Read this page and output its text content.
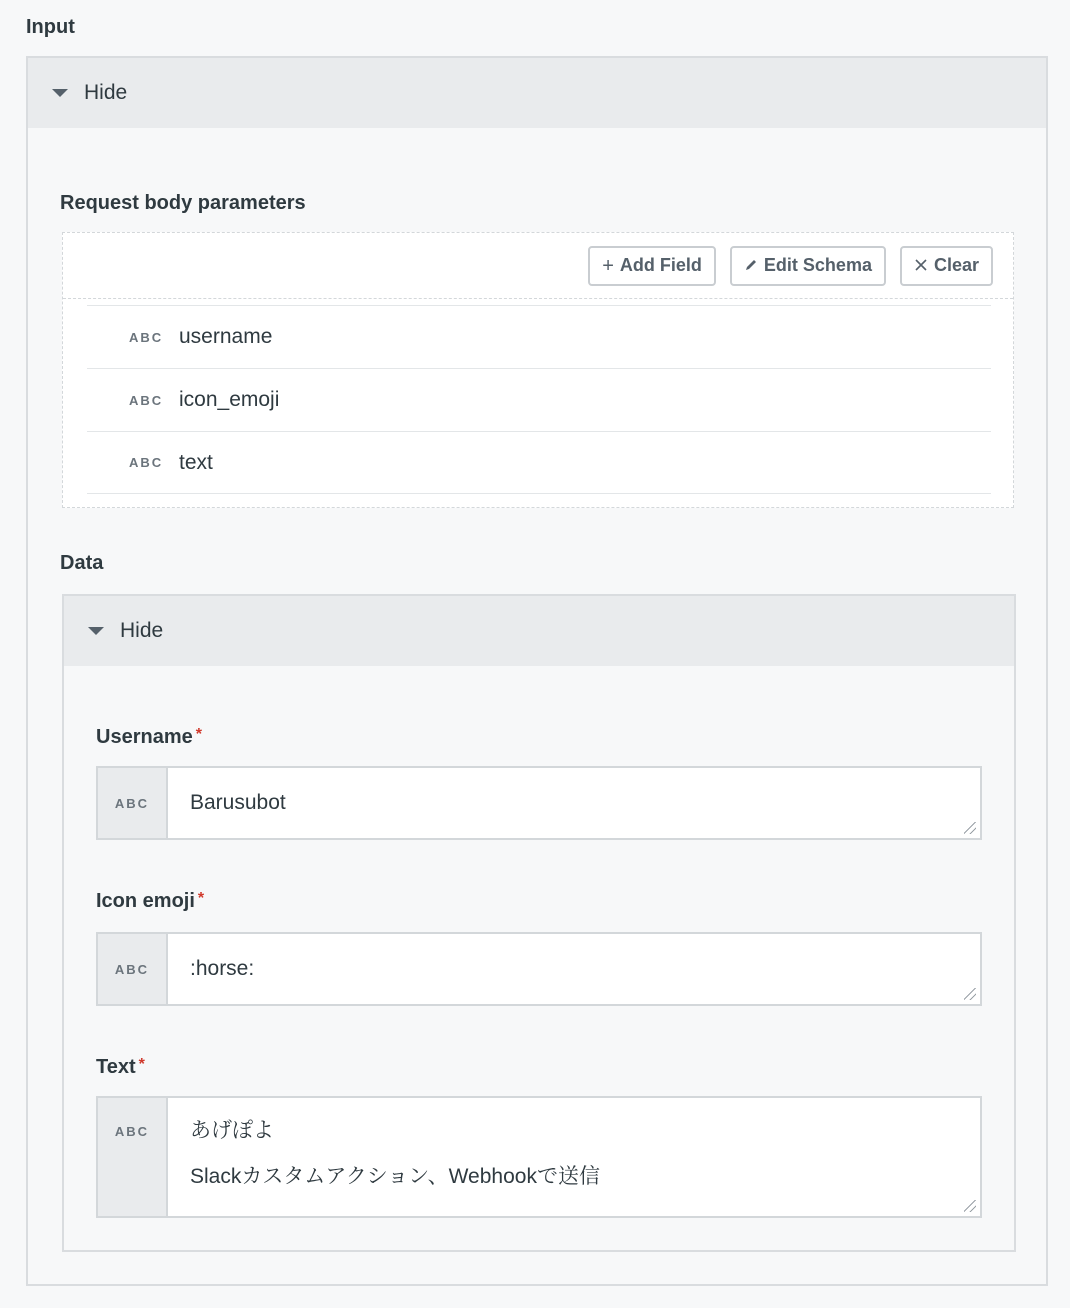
Input
Hide
Request body parameters
+ Add Field	Edit Schema	Clear
ABC username
ABC icon_emoji
ABC text
Data
Hide
Username *
ABC	Barusubot
Icon emoji *
ABC	:horse:
Text *
ABC	あげぽよ
Slackカスタムアクション、Webhookで送信
